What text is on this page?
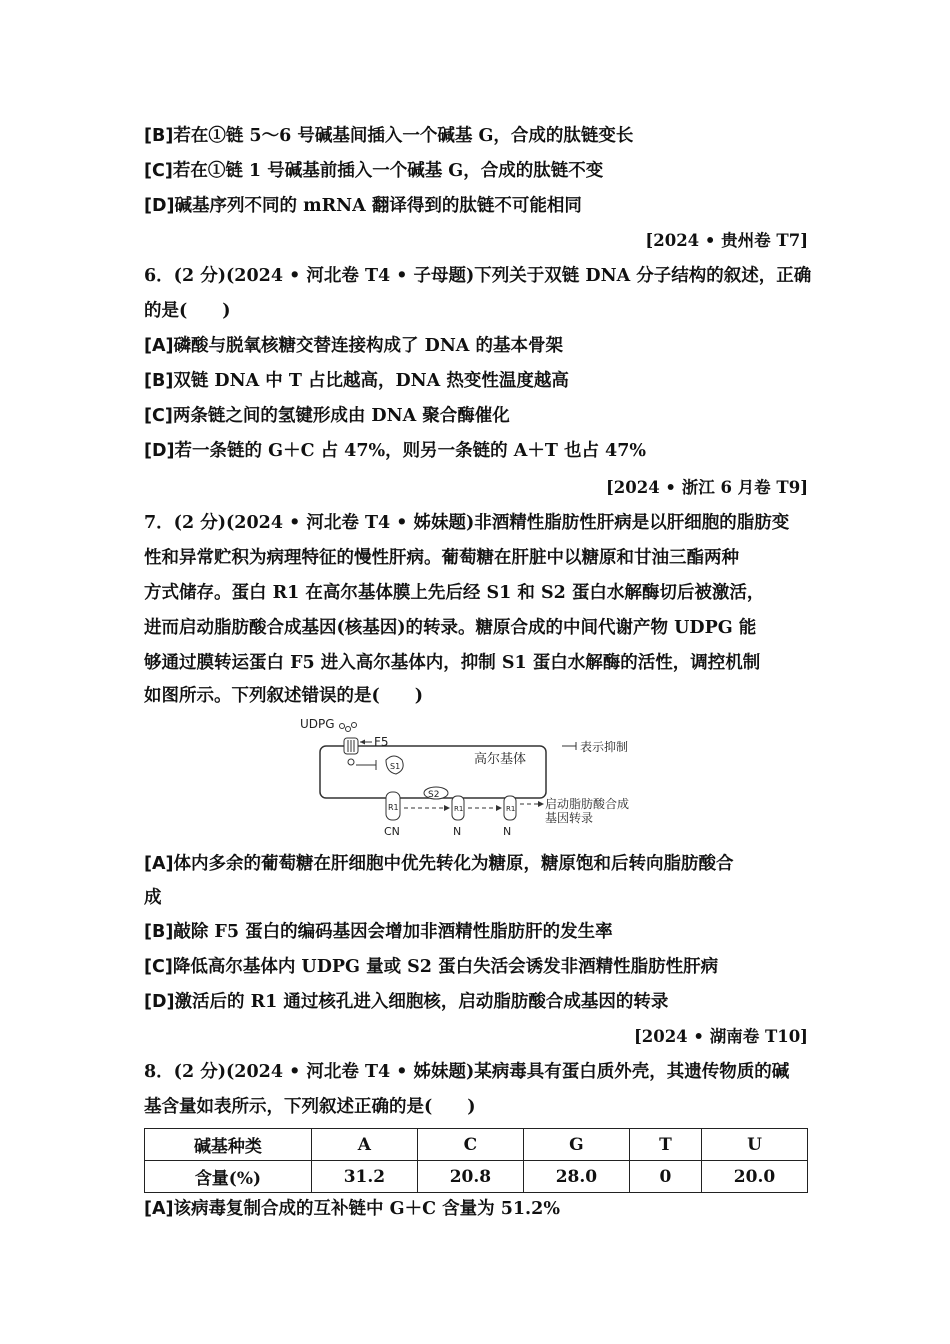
[B]若在①链 5～6 号碱基间插入一个碱基 G，合成的肽链变长
[C]若在①链 1 号碱基前插入一个碱基 G，合成的肽链不变
[D]碱基序列不同的 mRNA 翻译得到的肽链不可能相同
[2024 • 贵州卷 T7]
6．(2 分)(2024 • 河北卷 T4 • 子母题)下列关于双链 DNA 分子结构的叙述，正确
的是(　　)
[A]磷酸与脱氧核糖交替连接构成了 DNA 的基本骨架
[B]双链 DNA 中 T 占比越高，DNA 热变性温度越高
[C]两条链之间的氢键形成由 DNA 聚合酶催化
[D]若一条链的 G＋C 占 47%，则另一条链的 A＋T 也占 47%
[2024 • 浙江 6 月卷 T9]
7．(2 分)(2024 • 河北卷 T4 • 姊妹题)非酒精性脂肪性肝病是以肝细胞的脂肪变
性和异常贮积为病理特征的慢性肝病。葡萄糖在肝脏中以糖原和甘油三酯两种
方式储存。蛋白 R1 在高尔基体膜上先后经 S1 和 S2 蛋白水解酶切后被激活，
进而启动脂肪酸合成基因(核基因)的转录。糖原合成的中间代谢产物 UDPG 能
够通过膜转运蛋白 F5 进入高尔基体内，抑制 S1 蛋白水解酶的活性，调控机制
如图所示。下列叙述错误的是(　　)
高尔基体
UDPG
F5
S1
R1
CN
S2
R1
N
R1
N
启动脂肪酸合成
基因转录
表示抑制
[A]体内多余的葡萄糖在肝细胞中优先转化为糖原，糖原饱和后转向脂肪酸合
成
[B]敲除 F5 蛋白的编码基因会增加非酒精性脂肪肝的发生率
[C]降低高尔基体内 UDPG 量或 S2 蛋白失活会诱发非酒精性脂肪性肝病
[D]激活后的 R1 通过核孔进入细胞核，启动脂肪酸合成基因的转录
[2024 • 湖南卷 T10]
8．(2 分)(2024 • 河北卷 T4 • 姊妹题)某病毒具有蛋白质外壳，其遗传物质的碱
基含量如表所示，下列叙述正确的是(　　)
碱基种类	A	C	G	T	U
含量(%)	31.2	20.8	28.0	0	20.0
[A]该病毒复制合成的互补链中 G＋C 含量为 51.2%
